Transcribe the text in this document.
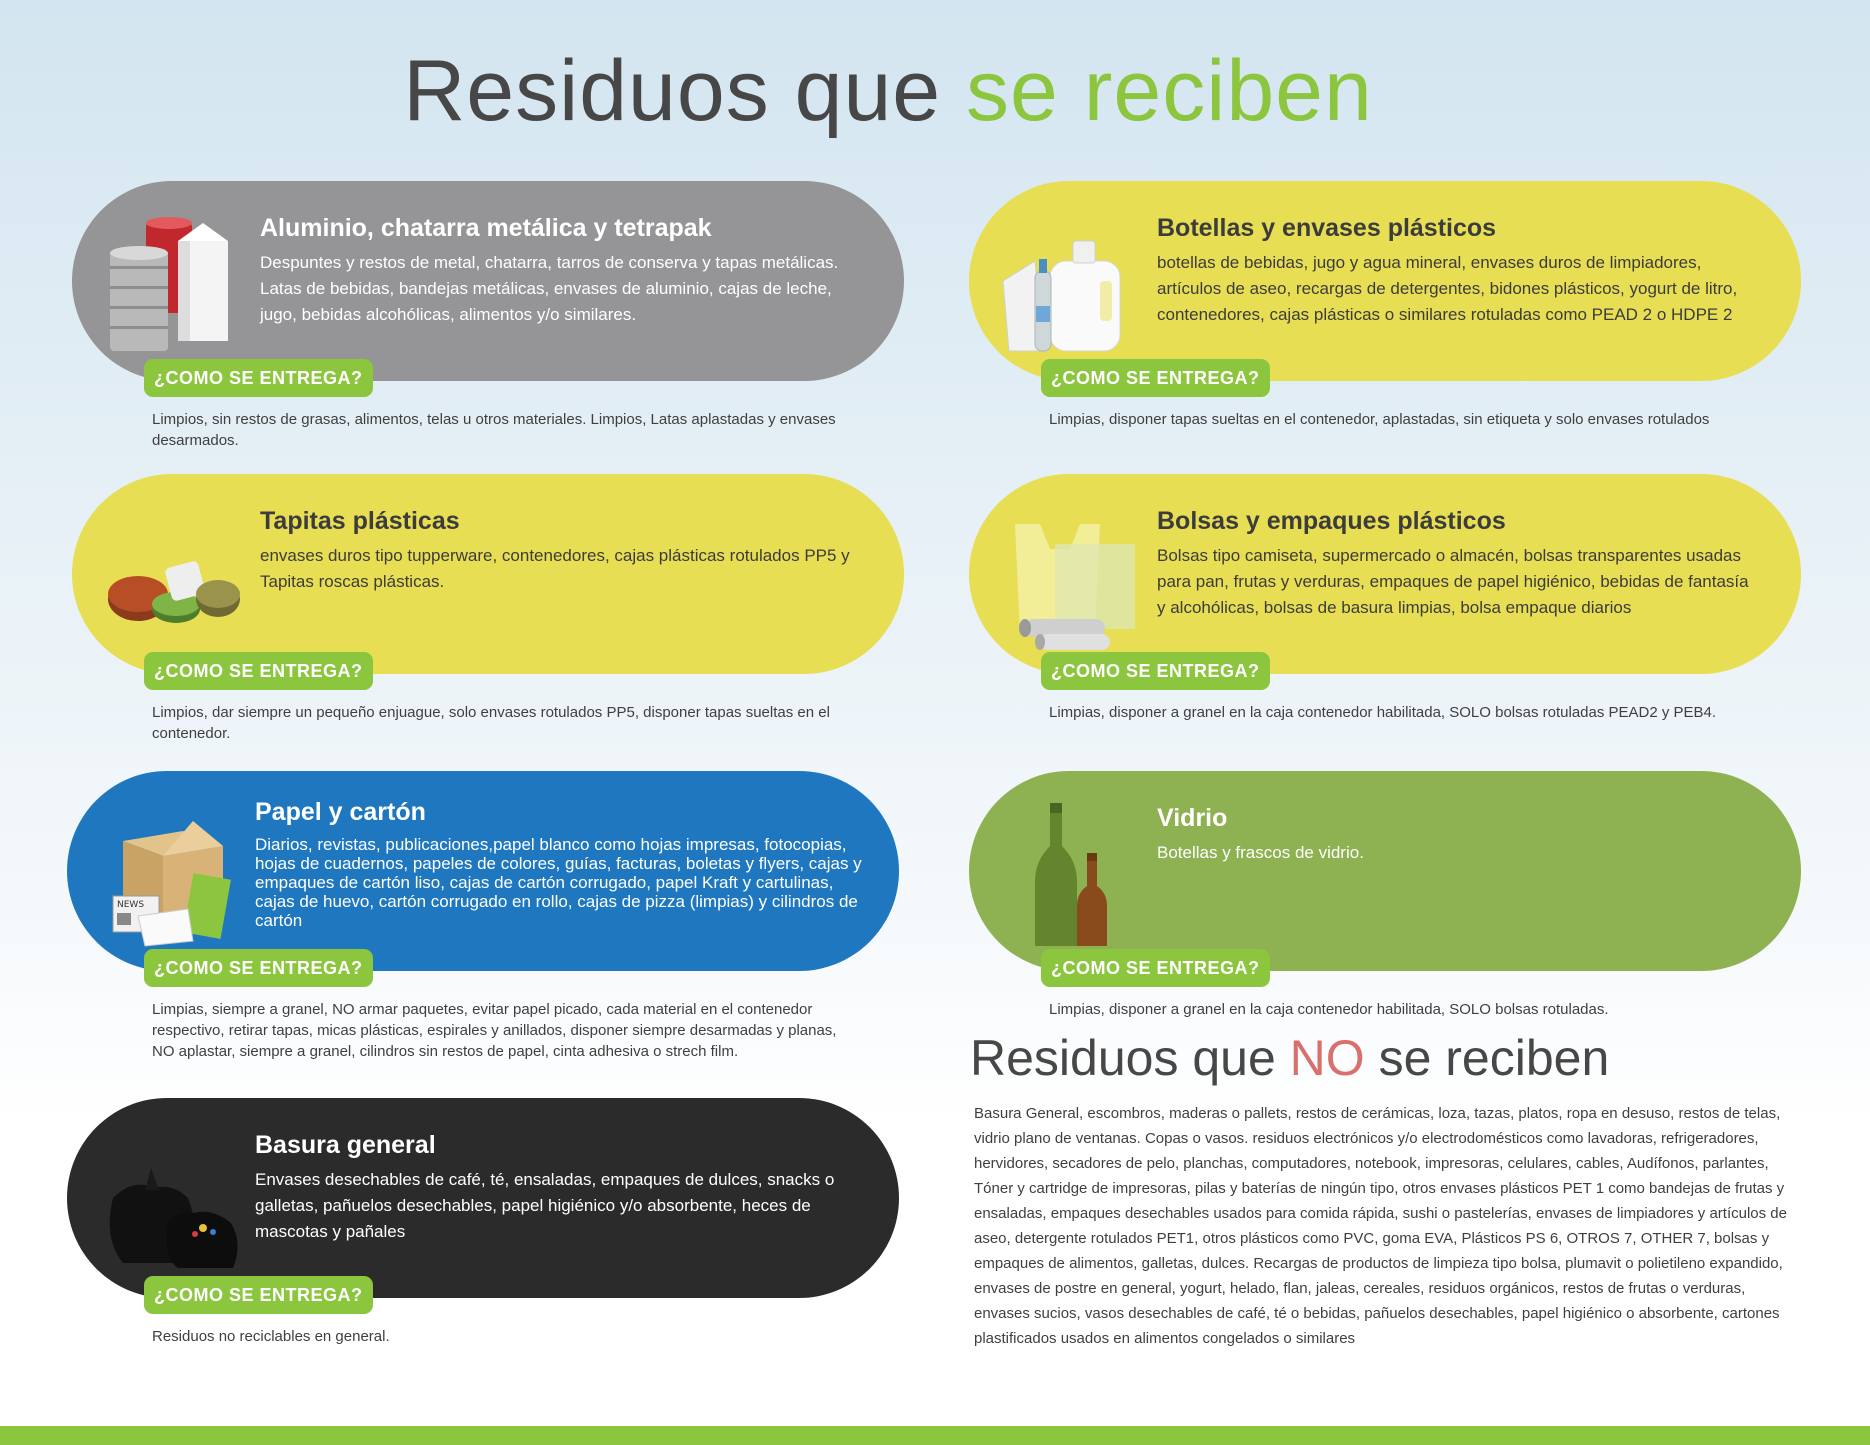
Residuos que se reciben
Aluminio, chatarra metálica y tetrapak
Despuntes y restos de metal, chatarra, tarros de conserva y tapas metálicas. Latas de bebidas, bandejas metálicas, envases de aluminio, cajas de leche, jugo, bebidas alcohólicas, alimentos y/o similares.
¿COMO SE ENTREGA?
Limpios, sin restos de grasas, alimentos, telas u otros materiales. Limpios, Latas aplastadas y envases desarmados.
Botellas y envases plásticos
botellas de bebidas, jugo y agua mineral, envases duros de limpiadores, artículos de aseo, recargas de detergentes, bidones plásticos, yogurt de litro, contenedores, cajas plásticas o similares rotuladas como PEAD 2 o HDPE 2
¿COMO SE ENTREGA?
Limpias, disponer tapas sueltas en el contenedor, aplastadas, sin etiqueta y solo envases rotulados
Tapitas plásticas
envases duros tipo tupperware, contenedores, cajas plásticas rotulados PP5 y Tapitas roscas plásticas.
¿COMO SE ENTREGA?
Limpios, dar siempre un pequeño enjuague, solo envases rotulados PP5, disponer tapas sueltas en el contenedor.
Bolsas y empaques plásticos
Bolsas tipo camiseta, supermercado o almacén, bolsas transparentes usadas para pan, frutas y verduras, empaques de papel higiénico, bebidas de fantasía y alcohólicas, bolsas de basura limpias, bolsa empaque diarios
¿COMO SE ENTREGA?
Limpias, disponer a granel en la caja contenedor habilitada, SOLO bolsas rotuladas PEAD2 y PEB4.
NEWS
Papel y cartón
Diarios, revistas, publicaciones,papel blanco como hojas impresas, fotocopias, hojas de cuadernos, papeles de colores, guías, facturas, boletas y flyers, cajas y empaques de cartón liso, cajas de cartón corrugado, papel Kraft y cartulinas, cajas de huevo, cartón corrugado en rollo, cajas de pizza (limpias) y cilindros de cartón
¿COMO SE ENTREGA?
Limpias, siempre a granel, NO armar paquetes, evitar papel picado, cada material en el contenedor respectivo, retirar tapas, micas plásticas, espirales y anillados, disponer siempre desarmadas y planas, NO aplastar, siempre a granel, cilindros sin restos de papel, cinta adhesiva o strech film.
Vidrio
Botellas y frascos de vidrio.
¿COMO SE ENTREGA?
Limpias, disponer a granel en la caja contenedor habilitada, SOLO bolsas rotuladas.
Basura general
Envases desechables de café, té, ensaladas, empaques de dulces, snacks o galletas, pañuelos desechables, papel higiénico y/o absorbente, heces de mascotas y pañales
¿COMO SE ENTREGA?
Residuos no reciclables en general.
Residuos que NO se reciben
Basura General, escombros, maderas o pallets, restos de cerámicas, loza, tazas, platos, ropa en desuso, restos de telas, vidrio plano de ventanas. Copas o vasos. residuos electrónicos y/o electrodomésticos como lavadoras, refrigeradores, hervidores, secadores de pelo, planchas, computadores, notebook, impresoras, celulares, cables, Audífonos, parlantes, Tóner y cartridge de impresoras, pilas y baterías de ningún tipo, otros envases plásticos PET 1 como bandejas de frutas y ensaladas, empaques desechables usados para comida rápida, sushi o pastelerías, envases de limpiadores y artículos de aseo, detergente rotulados PET1, otros plásticos como PVC, goma EVA, Plásticos PS 6, OTROS 7, OTHER 7, bolsas y empaques de alimentos, galletas, dulces. Recargas de productos de limpieza tipo bolsa, plumavit o polietileno expandido, envases de postre en general, yogurt, helado, flan, jaleas, cereales, residuos orgánicos, restos de frutas o verduras, envases sucios, vasos desechables de café, té o bebidas, pañuelos desechables, papel higiénico o absorbente, cartones plastificados usados en alimentos congelados o similares
